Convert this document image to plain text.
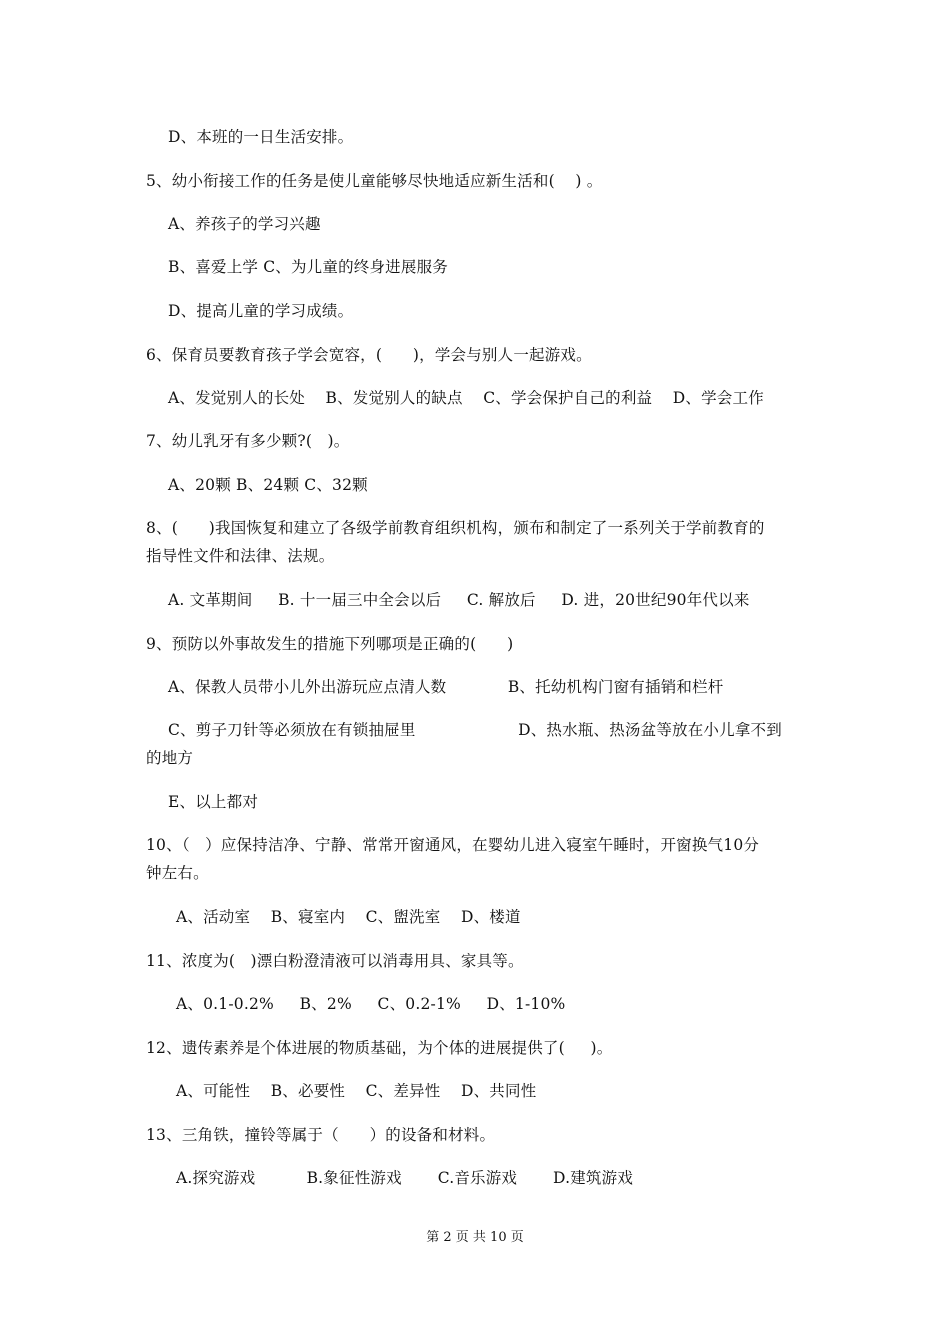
D、本班的一日生活安排。
5、幼小衔接工作的任务是使儿童能够尽快地适应新生活和(    ) 。
A、养孩子的学习兴趣
B、喜爱上学 C、为儿童的终身进展服务
D、提高儿童的学习成绩。
6、保育员要教育孩子学会宽容，(      )，学会与别人一起游戏。
A、发觉别人的长处    B、发觉别人的缺点    C、学会保护自己的利益    D、学会工作
7、幼儿乳牙有多少颗?(   )。
A、20颗 B、24颗 C、32颗
8、(      )我国恢复和建立了各级学前教育组织机构，颁布和制定了一系列关于学前教育的
指导性文件和法律、法规。
A. 文革期间     B. 十一届三中全会以后     C. 解放后     D. 进，20世纪90年代以来
9、预防以外事故发生的措施下列哪项是正确的(      )
A、保教人员带小儿外出游玩应点清人数            B、托幼机构门窗有插销和栏杆
C、剪子刀针等必须放在有锁抽屉里                    D、热水瓶、热汤盆等放在小儿拿不到
的地方
E、以上都对
10、（   ）应保持洁净、宁静、常常开窗通风，在婴幼儿进入寝室午睡时，开窗换气10分
钟左右。
A、活动室    B、寝室内    C、盥洗室    D、楼道
11、浓度为(   )漂白粉澄清液可以消毒用具、家具等。
A、0.1-0.2%     B、2%     C、0.2-1%     D、1-10%
12、遗传素养是个体进展的物质基础，为个体的进展提供了(     )。
A、可能性    B、必要性    C、差异性    D、共同性
13、三角铁，撞铃等属于（      ）的设备和材料。
A.探究游戏          B.象征性游戏       C.音乐游戏       D.建筑游戏
第 2 页 共 10 页
